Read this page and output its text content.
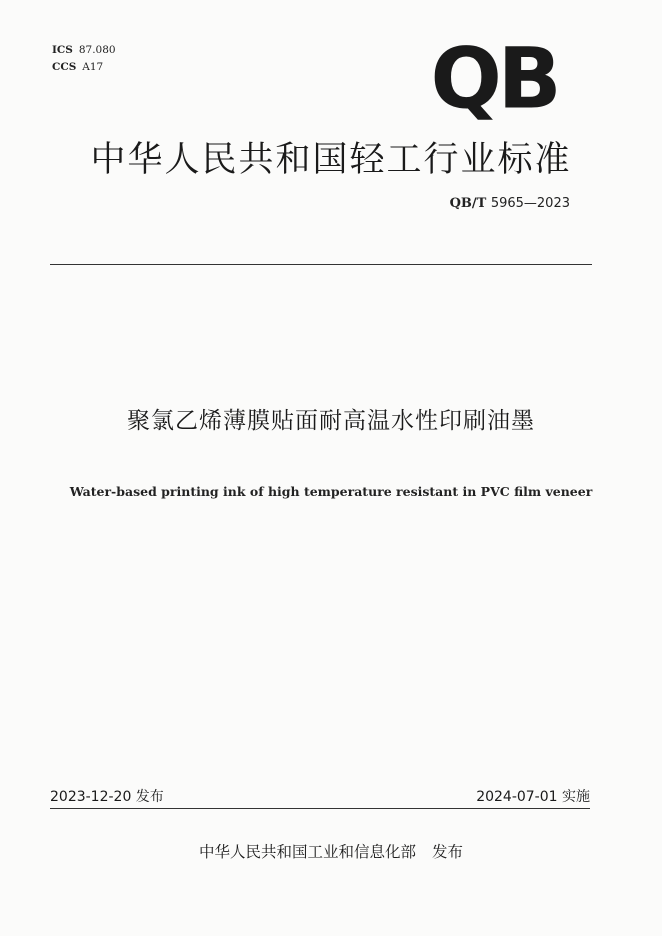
ICS 87.080
CCS A17	QB
中华人民共和国轻工行业标准
QB/T 5965—2023
聚氯乙烯薄膜贴面耐高温水性印刷油墨
Water-based printing ink of high temperature resistant in PVC film veneer
2023-12-20 发布	2024-07-01 实施
中华人民共和国工业和信息化部 发布
